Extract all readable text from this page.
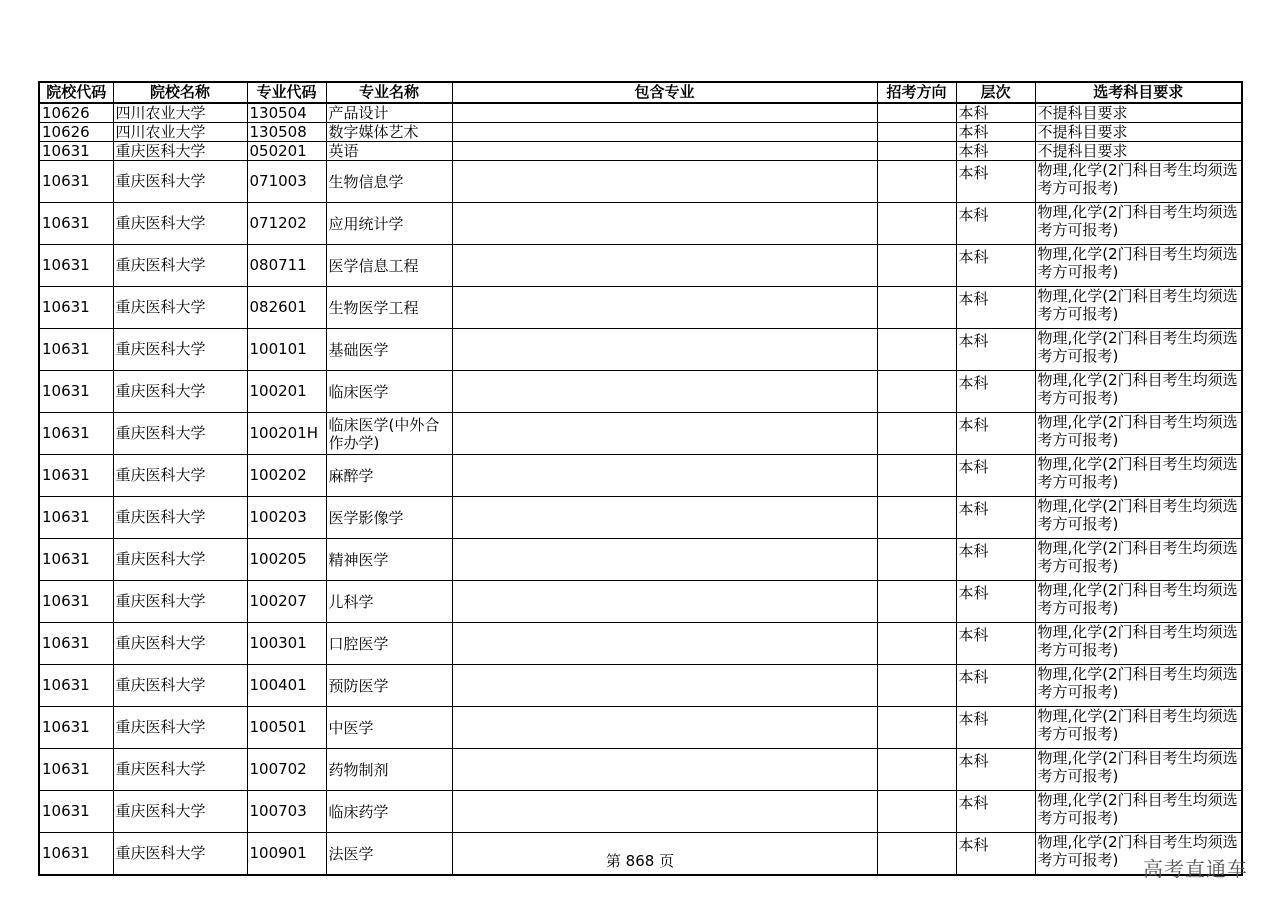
院校代码	院校名称	专业代码	专业名称	包含专业	招考方向	层次	选考科目要求
10626	四川农业大学	130504	产品设计			本科	不提科目要求
10626	四川农业大学	130508	数字媒体艺术			本科	不提科目要求
10631	重庆医科大学	050201	英语			本科	不提科目要求
10631	重庆医科大学	071003	生物信息学			本科	物理,化学(2门科目考生均须选考方可报考)
10631	重庆医科大学	071202	应用统计学			本科	物理,化学(2门科目考生均须选考方可报考)
10631	重庆医科大学	080711	医学信息工程			本科	物理,化学(2门科目考生均须选考方可报考)
10631	重庆医科大学	082601	生物医学工程			本科	物理,化学(2门科目考生均须选考方可报考)
10631	重庆医科大学	100101	基础医学			本科	物理,化学(2门科目考生均须选考方可报考)
10631	重庆医科大学	100201	临床医学			本科	物理,化学(2门科目考生均须选考方可报考)
10631	重庆医科大学	100201H	临床医学(中外合作办学)			本科	物理,化学(2门科目考生均须选考方可报考)
10631	重庆医科大学	100202	麻醉学			本科	物理,化学(2门科目考生均须选考方可报考)
10631	重庆医科大学	100203	医学影像学			本科	物理,化学(2门科目考生均须选考方可报考)
10631	重庆医科大学	100205	精神医学			本科	物理,化学(2门科目考生均须选考方可报考)
10631	重庆医科大学	100207	儿科学			本科	物理,化学(2门科目考生均须选考方可报考)
10631	重庆医科大学	100301	口腔医学			本科	物理,化学(2门科目考生均须选考方可报考)
10631	重庆医科大学	100401	预防医学			本科	物理,化学(2门科目考生均须选考方可报考)
10631	重庆医科大学	100501	中医学			本科	物理,化学(2门科目考生均须选考方可报考)
10631	重庆医科大学	100702	药物制剂			本科	物理,化学(2门科目考生均须选考方可报考)
10631	重庆医科大学	100703	临床药学			本科	物理,化学(2门科目考生均须选考方可报考)
10631	重庆医科大学	100901	法医学			本科	物理,化学(2门科目考生均须选考方可报考)
第 868 页	高考直通车
